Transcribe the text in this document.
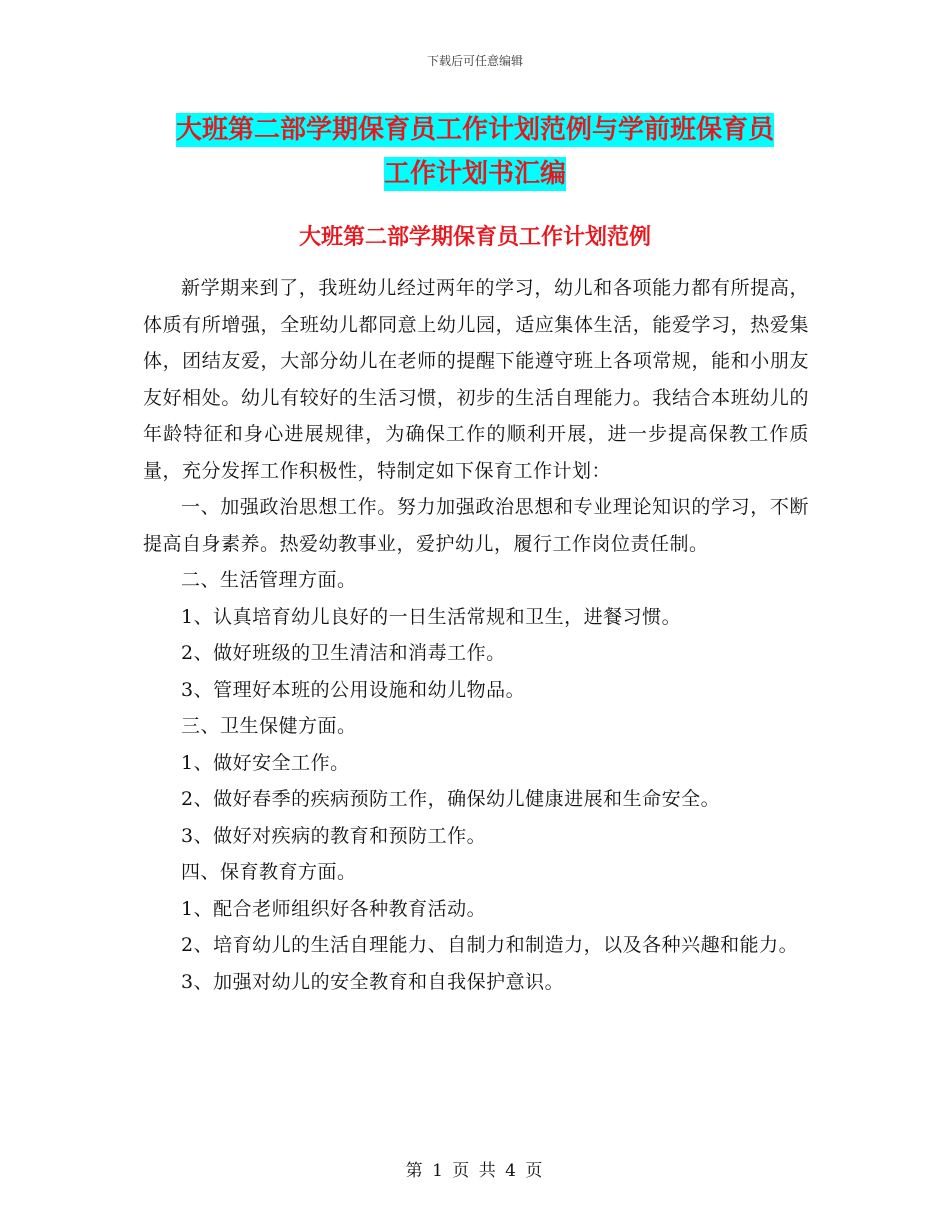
下载后可任意编辑
大班第二部学期保育员工作计划范例与学前班保育员
工作计划书汇编
大班第二部学期保育员工作计划范例

新学期来到了，我班幼儿经过两年的学习，幼儿和各项能力都有所提高，体质有所增强，全班幼儿都同意上幼儿园，适应集体生活，能爱学习，热爱集体，团结友爱，大部分幼儿在老师的提醒下能遵守班上各项常规，能和小朋友友好相处。幼儿有较好的生活习惯，初步的生活自理能力。我结合本班幼儿的年龄特征和身心进展规律，为确保工作的顺利开展，进一步提高保教工作质量，充分发挥工作积极性，特制定如下保育工作计划：

一、加强政治思想工作。努力加强政治思想和专业理论知识的学习，不断提高自身素养。热爱幼教事业，爱护幼儿，履行工作岗位责任制。

二、生活管理方面。

1、认真培育幼儿良好的一日生活常规和卫生，进餐习惯。

2、做好班级的卫生清洁和消毒工作。

3、管理好本班的公用设施和幼儿物品。

三、卫生保健方面。

1、做好安全工作。

2、做好春季的疾病预防工作，确保幼儿健康进展和生命安全。

3、做好对疾病的教育和预防工作。

四、保育教育方面。

1、配合老师组织好各种教育活动。

2、培育幼儿的生活自理能力、自制力和制造力，以及各种兴趣和能力。

3、加强对幼儿的安全教育和自我保护意识。

第 1 页 共 4 页
